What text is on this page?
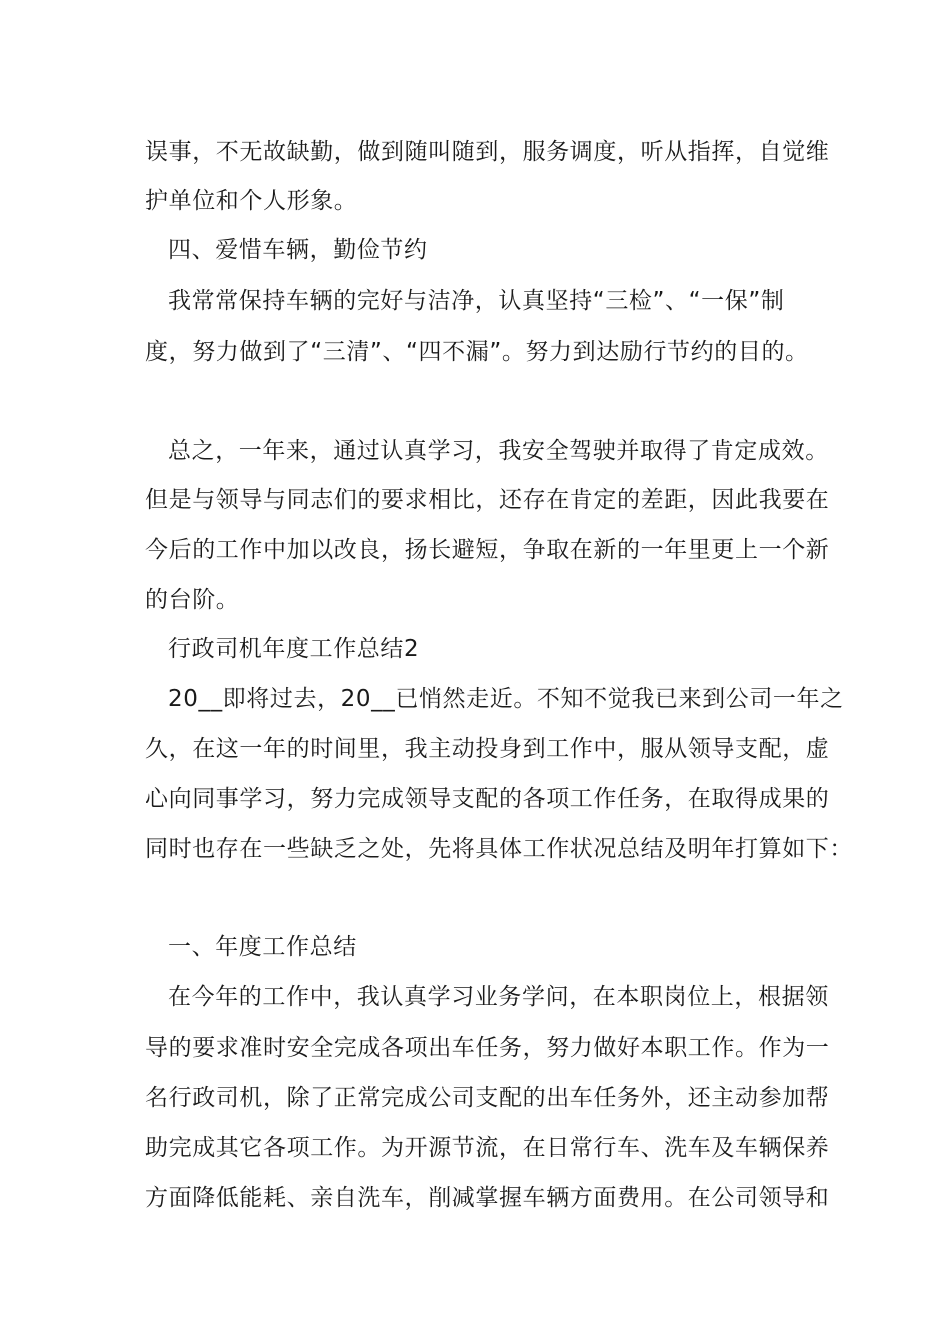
误事，不无故缺勤，做到随叫随到，服务调度，听从指挥，自觉维
护单位和个人形象。
四、爱惜车辆，勤俭节约
我常常保持车辆的完好与洁净，认真坚持“三检”、“一保”制
度，努力做到了“三清”、“四不漏”。努力到达励行节约的目的。
总之，一年来，通过认真学习，我安全驾驶并取得了肯定成效。
但是与领导与同志们的要求相比，还存在肯定的差距，因此我要在
今后的工作中加以改良，扬长避短，争取在新的一年里更上一个新
的台阶。
行政司机年度工作总结2
20__即将过去，20__已悄然走近。不知不觉我已来到公司一年之
久，在这一年的时间里，我主动投身到工作中，服从领导支配，虚
心向同事学习，努力完成领导支配的各项工作任务，在取得成果的
同时也存在一些缺乏之处，先将具体工作状况总结及明年打算如下：
一、年度工作总结
在今年的工作中，我认真学习业务学问，在本职岗位上，根据领
导的要求准时安全完成各项出车任务，努力做好本职工作。作为一
名行政司机，除了正常完成公司支配的出车任务外，还主动参加帮
助完成其它各项工作。为开源节流，在日常行车、洗车及车辆保养
方面降低能耗、亲自洗车，削减掌握车辆方面费用。在公司领导和
